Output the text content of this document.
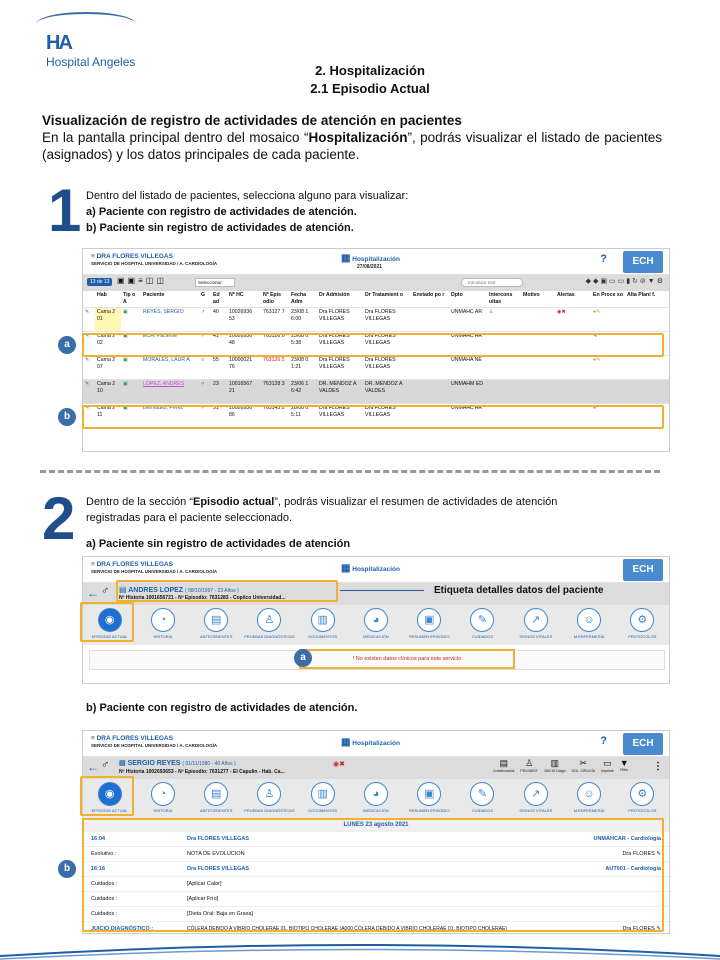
HA
Hospital Angeles
2. Hospitalización
2.1 Episodio Actual
Visualización de registro de actividades de atención en pacientes

En la pantalla principal dentro del mosaico “Hospitalización”, podrás visualizar el listado de pacientes (asignados) y los datos principales de cada paciente.

1 Dentro del listado de pacientes, selecciona alguno para visualizar:
a) Paciente con registro de actividades de atención.
b) Paciente sin registro de actividades de atención.
≡ DRA FLORES VILLEGAS
SERVICIO DE HOSPITAL UNIVERSIDAD / A. CARDIOLOGÍA	▦ Hospitalización
27/08/2021
?	ECH
13 de 13 ▣▣≡◫◫	Seleccionar:	Introducir text	◆◆▣▭▭▮↻⊘▼⚙
	Hab	Tip o A	Paciente	G	Ed ad	Nº HC	Nº Epis odio	Fecha Adm	Dr Admisión	Dr Tratamient o	Enviado po r	Dpto	Intercons ultas	Motivo	Alertas	En Proce so	Alta Plani f.
✎	Cama 2 01	▣	REYES, SERGIO	♂	40	10026936 53	763127 7	23/08 1 6:00	Dra FLORES VILLEGAS	Dra FLORES VILLEGAS		UNMAHC AR	♙		◉✖	●✎	
✎	Cama 2 02	▣	ECH, Paciente	♂	41	10026936 48	763126 0	23/08 0 5:38	Dra FLORES VILLEGAS	Dra FLORES VILLEGAS		UNMAHC AR				✎	
✎	Cama 2 07	▣	MORALES, LAUR A	○	55	10000021 76	763126 5	23/08 0 1:21	Dra FLORES VILLEGAS	Dra FLORES VILLEGAS		UNMAHA NE				●✎	
✎	Cama 2 10	▣	LOPEZ, ANDRES	♂	23	10016567 21	763128 3	23/06 1 6:42	DR. MENDOZ A VALDES	DR. MENDOZ A VALDES		UNMAHM ED					
✎	Cama 2 11	▣	Bermudez, Perez	♂	51	10026936 86	763143 2	26/08 0 5:11	Dra FLORES VILLEGAS	Dra FLORES VILLEGAS		UNMAHC AR				●	
a
b
2 Dentro de la sección “Episodio actual”, podrás visualizar el resumen de actividades de atención
registradas para el paciente seleccionado.
a) Paciente sin registro de actividades de atención
≡ DRA FLORES VILLEGAS
SERVICIO DE HOSPITAL UNIVERSIDAD / A. CARDIOLOGÍA	▦ Hospitalización	ECH
← ♂ ▤ ANDRES LOPEZ ( 08/10/1997 - 23 Años )
Nº Historia 1001656721 - Nº Episodio: 7631283 - Copilco Universidad...
◉
EPISODIO ACTUAL
◔
HISTORIA
▤
ANTECEDENTES
♙
PRUEBAS DIAGNÓSTICAS
▥
DOCUMENTOS
◕
MEDICACIÓN
▣
RESUMEN EPISODIO
✎
CUIDADOS
↗
SIGNOS VITALES
☺
M.ENFERMERÍA
⚙
PROTOCOLOS
! No existen datos clínicos para este servicio
Etiqueta detalles datos del paciente
a
b) Paciente con registro de actividades de atención.
≡ DRA FLORES VILLEGAS
SERVICIO DE HOSPITAL UNIVERSIDAD / A. CARDIOLOGÍA	▦ Hospitalización	?	ECH
← ♂ ▤ SERGIO REYES ( 01/11/1980 - 40 Años )	◉✖
Nº Historia 1002693653 - Nº Episodio: 7631277 - El Capulin - Hab. Ca...
▤
Cuestionarios
♙
PDV/ADST
▥
JUICIO Diagn
✂
SOL. CIRUGÍA
▭
Imprimir
▼
Filtro ⋮
◉
EPISODIO ACTUAL
◔
HISTORIA
▤
ANTECEDENTES
♙
PRUEBAS DIAGNÓSTICAS
▥
DOCUMENTOS
◕
MEDICACIÓN
▣
RESUMEN EPISODIO
✎
CUIDADOS
↗
SIGNOS VITALES
☺
M.ENFERMERÍA
⚙
PROTOCOLOS
LUNES 23 agosto 2021
16:04	Dra FLORES VILLEGAS	UNMAHCAR - Cardiología
Evolutivo :	NOTA DE EVOLUCION	Dra FLORES ✎
16:16	Dra FLORES VILLEGAS	AUT001 - Cardiología
Cuidados :	[Aplicar Calor]
Cuidados :	[Aplicar Frío]
Cuidados :	[Dieta Oral: Baja en Grasa]
JUICIO DIAGNÓSTICO :	CÓLERA DEBIDO A VIBRIO CHOLERAE 01, BIOTIPO CHOLERAE (A000 CÓLERA DEBIDO A VIBRIO CHOLERAE 01, BIOTIPO CHOLERAE)	Dra FLORES ✎
b
